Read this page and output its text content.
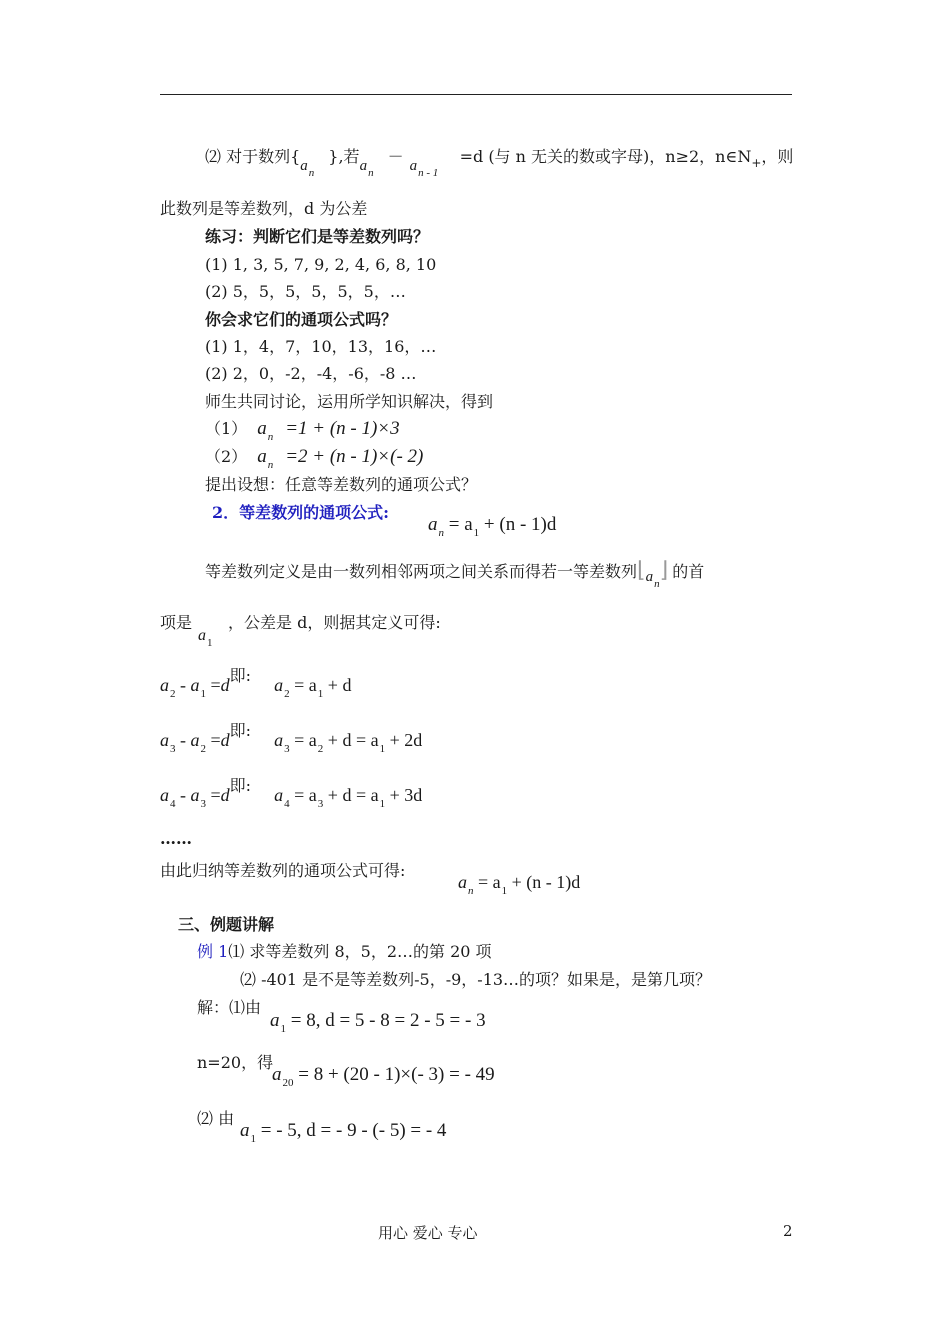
⑵ 对于数列$\{a_n\}$,若$a_n- a_{n - 1}=d$ (与 n 无关的数或字母)，n≥2，$n\in N_+$，则
此数列是等差数列，d 为公差
练习：判断它们是等差数列吗？
(1) 1, 3, 5, 7, 9, 2, 4, 6, 8, 10
(2) 5，5，5，5，5，5，…
你会求它们的通项公式吗？
(1) 1，4，7，10，13，16，…
(2) 2，0，-2，-4，-6，-8 …
师生共同讨论，运用所学知识解决，得到
（1） $a_n =1 + (n - 1)\times 3$
（2） $a_n =2 + (n - 1)\times(-$ 2)
提出设想：任意等差数列的通项公式？
2．等差数列的通项公式:
$a_n = a_1 + (n - 1)d$
等差数列定义是由一数列相邻两项之间关系而得若一等差数列$⌊a_n⌋$ 的首
项是$a_1$，公差是 d，则据其定义可得:
$a_2 - a_1 =d$即: $a_2 = a_1 + d$
$a_3 - a_2 =d$即: $a_3 = a_2 + d = a_1 + 2d$
$a_4 - a_3 =d$即: $a_4 = a_3 + d = a_1 + 3d$
……
由此归纳等差数列的通项公式可得:
$a_n = a_1 + (n - 1)d$
三、例题讲解
例 1⑴ 求等差数列 8，5，2…的第 20 项
⑵ -401 是不是等差数列-5，-9，-13…的项？如果是，是第几项？
解：⑴由
$a_1 = 8$, d = 5 - 8 = 2 - 5 = - 3
n=20，得
$a_{20} = 8 + (20 - 1)\times(-$ 3) = - 49
⑵ 由
$a_1$ = - 5, d = - 9 - (- 5) = - 4
用心 爱心 专心	2
